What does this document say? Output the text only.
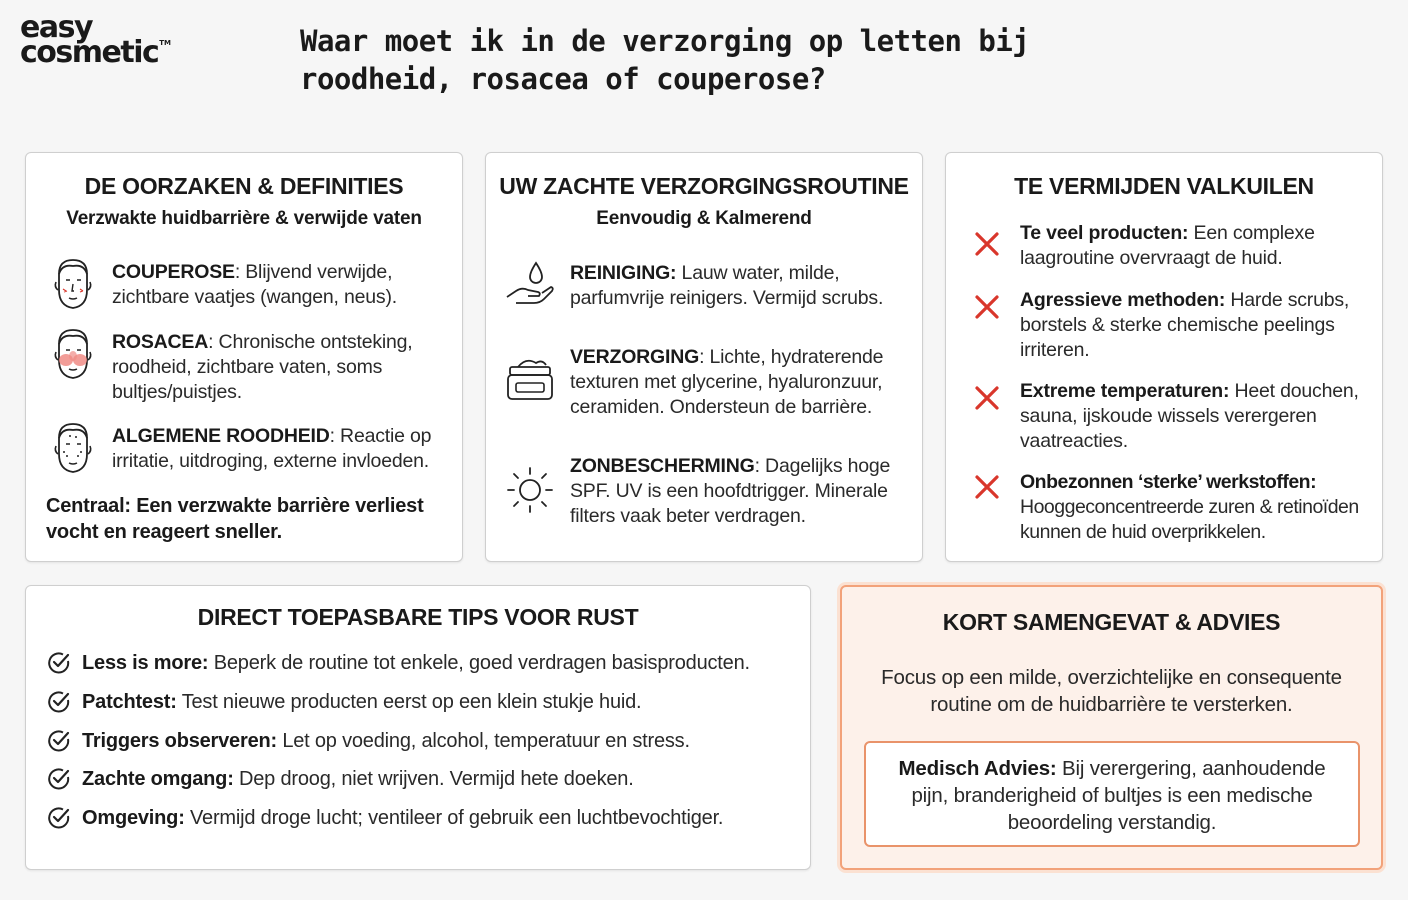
easy
cosmetic™	Waar moet ik in de verzorging op letten bij roodheid, rosacea of couperose?
DE OORZAKEN & DEFINITIES
Verzwakte huidbarrière & verwijde vaten
COUPEROSE: Blijvend verwijde, zichtbare vaatjes (wangen, neus).
ROSACEA: Chronische ontsteking, roodheid, zichtbare vaten, soms bultjes/puistjes.
ALGEMENE ROODHEID: Reactie op irritatie, uitdroging, externe invloeden.
Centraal: Een verzwakte barrière verliest vocht en reageert sneller.
UW ZACHTE VERZORGINGSROUTINE
Eenvoudig & Kalmerend
REINIGING: Lauw water, milde, parfumvrije reinigers. Vermijd scrubs.
VERZORGING: Lichte, hydraterende texturen met glycerine, hyaluronzuur, ceramiden. Ondersteun de barrière.
ZONBESCHERMING: Dagelijks hoge SPF. UV is een hoofdtrigger. Minerale filters vaak beter verdragen.
TE VERMIJDEN VALKUILEN
Te veel producten: Een complexe laagroutine overvraagt de huid.
Agressieve methoden: Harde scrubs, borstels & sterke chemische peelings irriteren.
Extreme temperaturen: Heet douchen, sauna, ijskoude wissels verergeren vaatreacties.
Onbezonnen ‘sterke’ werkstoffen: Hooggeconcentreerde zuren & retinoïden kunnen de huid overprikkelen.
DIRECT TOEPASBARE TIPS VOOR RUST
Less is more: Beperk de routine tot enkele, goed verdragen basisproducten.
Patchtest: Test nieuwe producten eerst op een klein stukje huid.
Triggers observeren: Let op voeding, alcohol, temperatuur en stress.
Zachte omgang: Dep droog, niet wrijven. Vermijd hete doeken.
Omgeving: Vermijd droge lucht; ventileer of gebruik een luchtbevochtiger.
KORT SAMENGEVAT & ADVIES

Focus op een milde, overzichtelijke en consequente routine om de huidbarrière te versterken.

Medisch Advies: Bij verergering, aanhoudende pijn, branderigheid of bultjes is een medische beoordeling verstandig.
